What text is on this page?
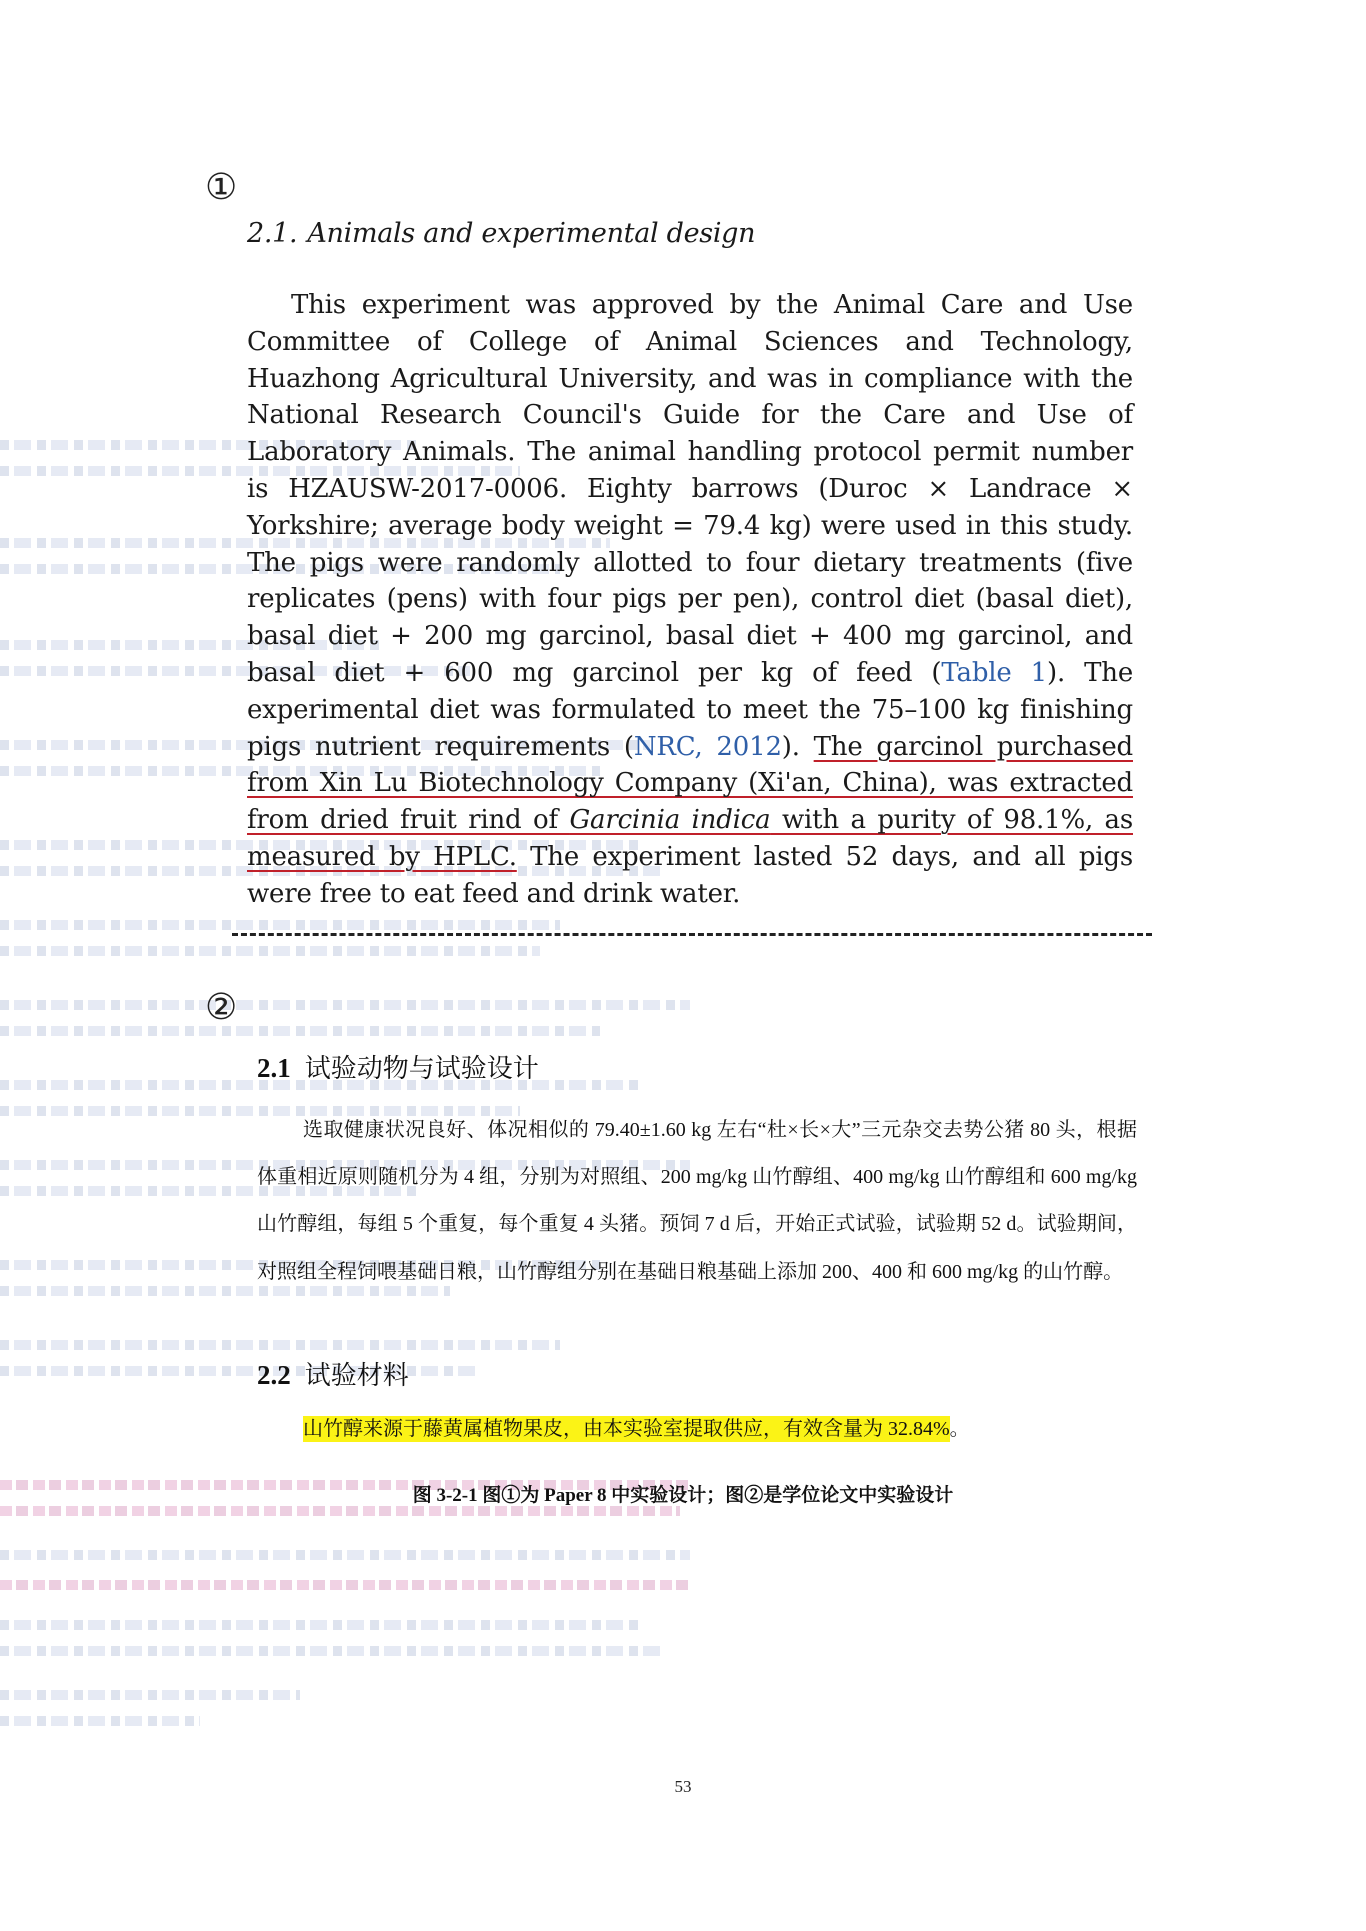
①
2.1. Animals and experimental design

This experiment was approved by the Animal Care and Use Committee of College of Animal Sciences and Technology, Huazhong Agricultural University, and was in compliance with the National Research Council's Guide for the Care and Use of Laboratory Animals. The animal handling protocol permit number is HZAUSW-2017-0006. Eighty barrows (Duroc × Landrace × Yorkshire; average body weight = 79.4 kg) were used in this study. The pigs were randomly allotted to four dietary treatments (five replicates (pens) with four pigs per pen), control diet (basal diet), basal diet + 200 mg garcinol, basal diet + 400 mg garcinol, and basal diet + 600 mg garcinol per kg of feed (Table 1). The experimental diet was formulated to meet the 75–100 kg finishing pigs nutrient requirements (NRC, 2012). The garcinol purchased from Xin Lu Biotechnology Company (Xi'an, China), was extracted from dried fruit rind of Garcinia indica with a purity of 98.1%, as measured by HPLC. The experiment lasted 52 days, and all pigs were free to eat feed and drink water.

②
2.1 试验动物与试验设计

选取健康状况良好、体况相似的 79.40±1.60 kg 左右“杜×长×大”三元杂交去势公猪 80 头，根据体重相近原则随机分为 4 组，分别为对照组、200 mg/kg 山竹醇组、400 mg/kg 山竹醇组和 600 mg/kg 山竹醇组，每组 5 个重复，每个重复 4 头猪。预饲 7 d 后，开始正式试验，试验期 52 d。试验期间，对照组全程饲喂基础日粮，山竹醇组分别在基础日粮基础上添加 200、400 和 600 mg/kg 的山竹醇。

2.2 试验材料

山竹醇来源于藤黄属植物果皮，由本实验室提取供应，有效含量为 32.84%。

图 3-2-1 图①为 Paper 8 中实验设计；图②是学位论文中实验设计

53
